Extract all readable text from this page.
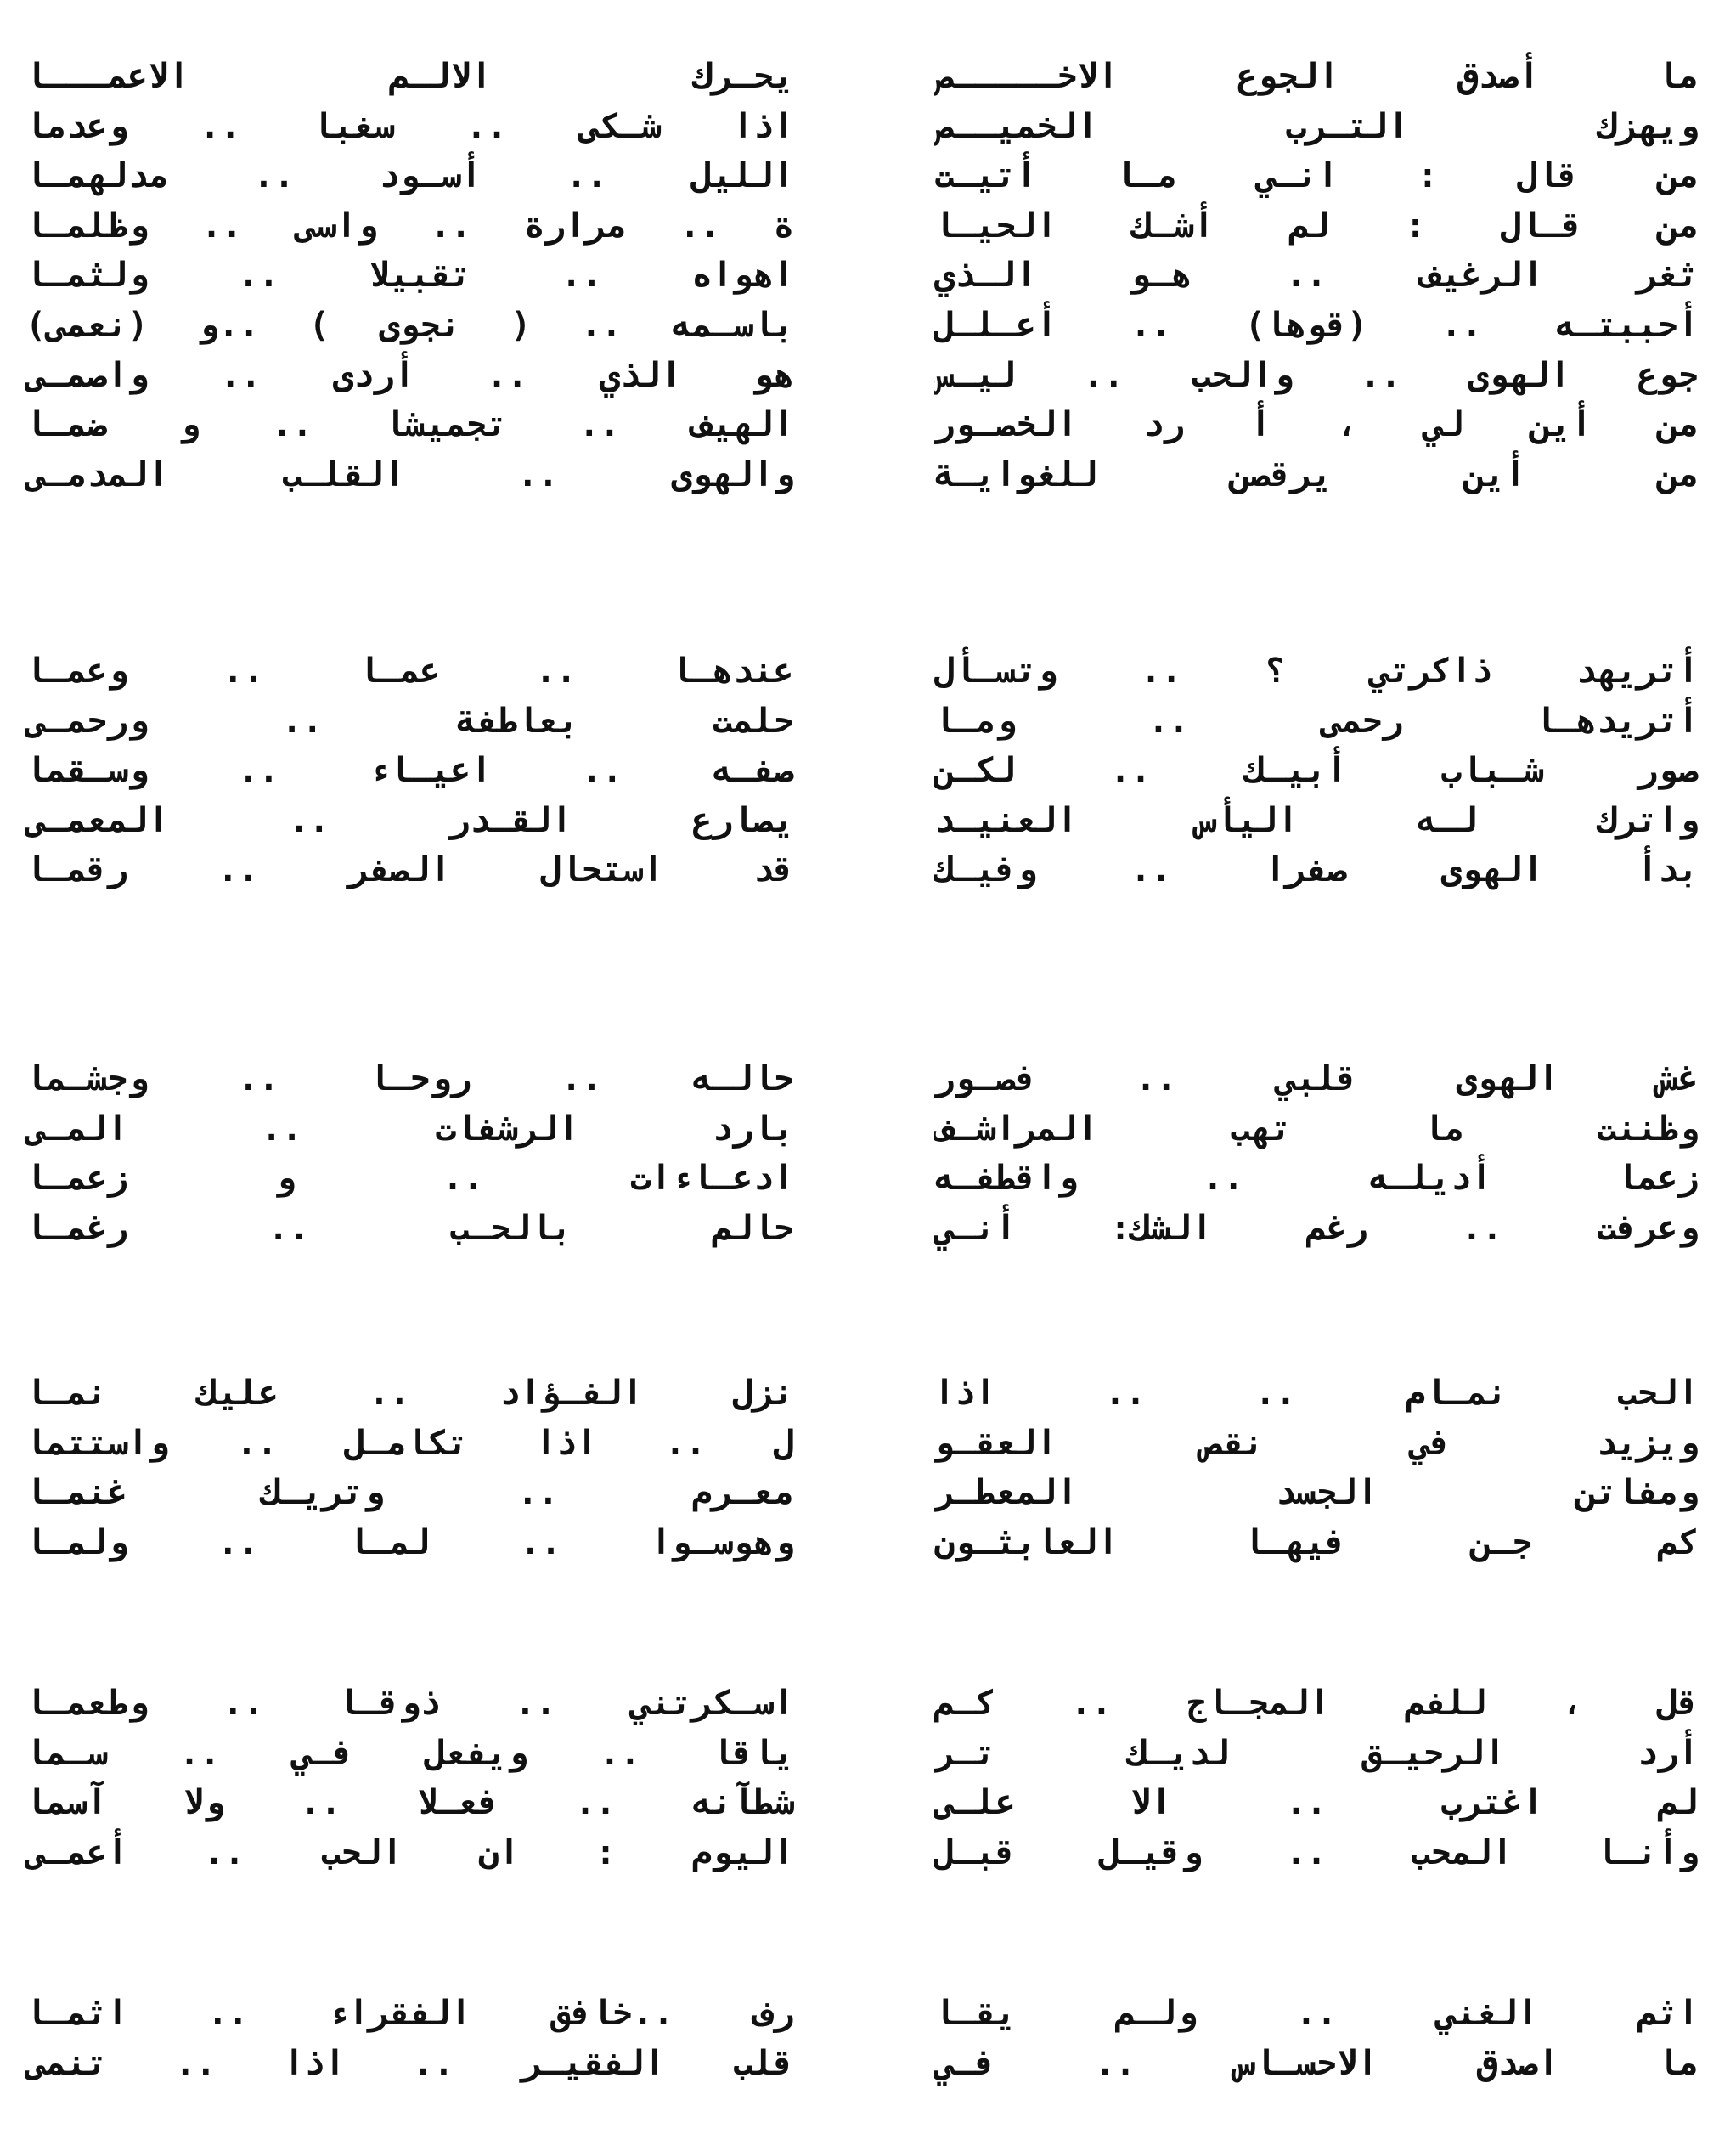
ما أصدق الجوع الاخـــــص
يحـرك الالـم الاعمـــا
ويهزك التـرب الخميــص
اذا شـكى .. سغبا .. وعدما
من قال : انـي مـا أتيـت
الليل .. أسـود .. مدلهمـا
من قـال : لم أشـك الحيـا
ة .. مرارة .. واسى .. وظلمـا
ثغر الرغيف .. هـو الـذي
اهواه .. تقبيلا .. ولثمـا
أحببتـه .. (قوها) .. أعـلـل
باسـمه .. ( نجوى ) ..و (نعمى)
جوع الهوى .. والحب .. ليـس
هو الذي .. أردى .. واصمـى
من أين لي ، أ رد الخصـور
الهيف .. تجميشا .. و ضمـا
من أين يرقصن للغوايـة
والهوى .. القلـب المدمـى
أتريهد ذاكرتي ؟ .. وتسـأل
عندهـا .. عمـا .. وعمـا
أتريدهـا رحمى .. ومـا
حلمت بعاطفة .. ورحمـى
صور شـباب أبيـك .. لكـن
صفـه .. اعيـاء .. وسـقما
واترك لـه اليأس العنيـد
يصارع القـدر .. المعمـى
بدأ الهوى صفرا .. وفيـك
قد استحال الصفر .. رقمـا
غش الهوى قلبي .. فصـور
حالـه .. روحـا .. وجشـما
وظننت ما تهب المراشـف
بارد الرشفات .. المـى
زعما أديلـه .. واقطفـه
ادعـاءات .. و زعمـا
وعرفت .. رغم الشك: أنـي
حالم بالحـب .. رغمـا
الحب نمـام .. .. اذا
نزل الفـؤاد .. عليك نمـا
ويزيد في نقص العقـو
ل .. اذا تكامـل .. واستتما
ومفاتن الجسد المعطـر
معـرم .. وتريـك غنمـا
كم جـن فيهـا العابثـون
وهوسـوا .. لمـا .. ولمـا
قل ، للفم المجـاج .. كـم
اسـكرتني .. ذوقـا .. وطعمـا
أرد الرحيـق لديـك تـر
ياقا .. ويفعل فـي .. سـما
لم اغترب .. الا علـى
شطآنه .. فعـلا .. ولا آسما
وأنـا المحب .. وقيـل قبـل
اليوم : ان الحب .. أعمـى
اثم الغني .. ولـم يقـا
رف ..خافق الفقراء .. اثمـا
ما اصدق الاحسـاس .. فـي
قلب الفقيـر .. اذا .. تنمى
